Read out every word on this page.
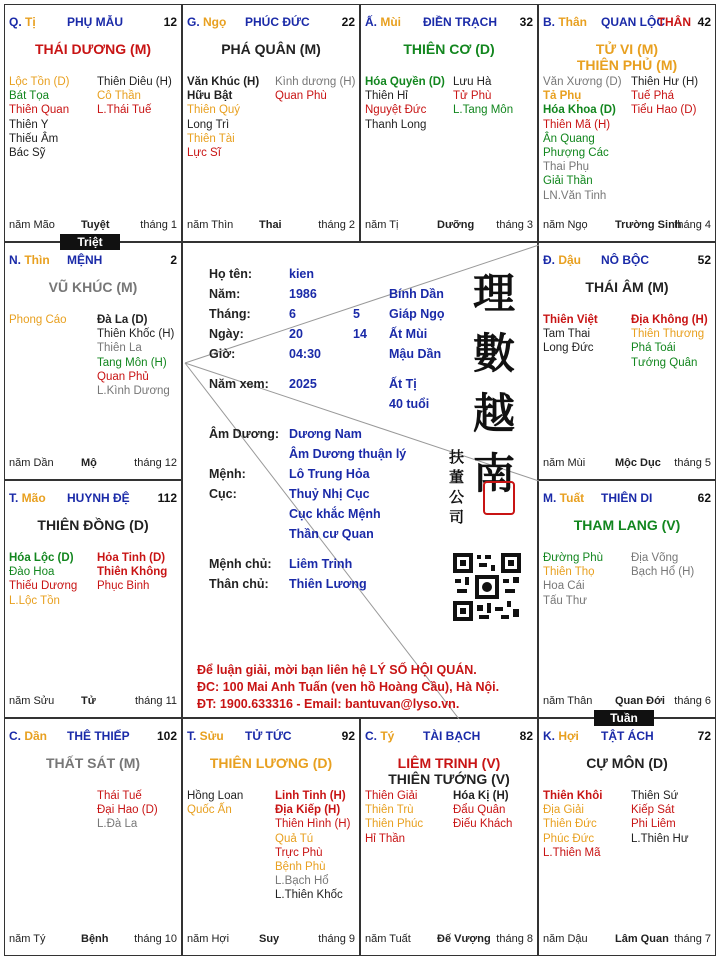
Q. Tị	PHỤ MẪU	12
THÁI DƯƠNG (M)
Lộc Tồn (D)
Bát Tọa
Thiên Quan
Thiên Y
Thiếu Âm
Bác Sỹ
Thiên Diêu (H)
Cô Thần
L.Thái Tuế
năm Mão Tuyệt	tháng 1
G. Ngọ PHÚC ĐỨC	22
PHÁ QUÂN (M)
Văn Khúc (H)
Hữu Bật
Thiên Quý
Long Trì
Thiên Tài
Lực Sĩ
Kình dương (H)
Quan Phù
năm Thìn Thai	tháng 2
Ấ. Mùi ĐIỀN TRẠCH 32
THIÊN CƠ (D)
Hóa Quyền (D)
Thiên Hỉ
Nguyệt Đức
Thanh Long
Lưu Hà
Tử Phù
L.Tang Môn
năm Tị	Dưỡng tháng 3
B. Thân QUAN LỘC
THÂN 42
TỬ VI (M)
THIÊN PHỦ (M)
Văn Xương (D)
Tả Phụ
Hóa Khoa (D)
Thiên Mã (H)
Ân Quang
Phượng Các
Thai Phụ
Giải Thần
LN.Văn Tinh
Thiên Hư (H)
Tuế Phá
Tiểu Hao (D)
năm Ngọ Trường Sinh
tháng 4
N. Thìn MỆNH	2
VŨ KHÚC (M)
Phong Cáo	Đà La (D)
Thiên Khốc (H)
Thiên La
Tang Môn (H)
Quan Phủ
L.Kình Dương
năm Dần Mộ	tháng 12
Đ. Dậu NÔ BỘC	52
THÁI ÂM (M)
Thiên Việt
Tam Thai
Long Đức
Địa Không (H)
Thiên Thương
Phá Toái
Tướng Quân
năm Mùi	Mộc Dục tháng 5
T. Mão HUYNH ĐỆ 112
THIÊN ĐỒNG (D)
Hóa Lộc (D)
Đào Hoa
Thiếu Dương
L.Lộc Tồn
Hỏa Tinh (D)
Thiên Không
Phục Binh
năm Sửu Tử	tháng 11
M. Tuất THIÊN DI	62
THAM LANG (V)
Đường Phù
Thiên Thọ
Hoa Cái
Tấu Thư
Địa Võng
Bạch Hổ (H)
năm Thân Quan Đới tháng 6
C. Dần THÊ THIẾP 102
THẤT SÁT (M)
Thái Tuế
Đại Hao (D)
L.Đà La
năm Tý	Bệnh tháng 10
T. Sửu TỬ TỨC	92
THIÊN LƯƠNG (D)
Hồng Loan
Quốc Ấn
Linh Tinh (H)
Địa Kiếp (H)
Thiên Hình (H)
Quả Tú
Trực Phù
Bệnh Phù
L.Bạch Hổ
L.Thiên Khốc
năm Hợi	Suy	tháng 9
C. Tý TÀI BẠCH	82
LIÊM TRINH (V)
THIÊN TƯỚNG (V)
Thiên Giải
Thiên Trù
Thiên Phúc
Hỉ Thần
Hóa Kị (H)
Đẩu Quân
Điếu Khách
năm Tuất Đế Vượng tháng 8
K. Hợi TẬT ÁCH	72
CỰ MÔN (D)
Thiên Khôi
Địa Giải
Thiên Đức
Phúc Đức
L.Thiên Mã
Thiên Sứ
Kiếp Sát
Phi Liêm
L.Thiên Hư
năm Dậu Lâm Quan tháng 7
Họ tên:	kien
Năm:	1986	Bính Dần
Tháng:	6	5 Giáp Ngọ
Ngày:	20	14 Ất Mùi
Giờ:	04:30	Mậu Dần
Năm xem: 2025	Ất Tị
40 tuổi
Âm Dương: Dương Nam
Âm Dương thuận lý
Mệnh:	Lô Trung Hỏa
Cục:	Thuỷ Nhị Cục
Cục khắc Mệnh
Thần cư Quan
Mệnh chủ: Liêm Trinh
Thân chủ: Thiên Lương
理
數
越
南
扶
董
公
司
Để luận giải, mời bạn liên hệ LÝ SỐ HỘI QUÁN.
ĐC: 100 Mai Anh Tuấn (ven hồ Hoàng Cầu), Hà Nội.
ĐT: 1900.633316 - Email: bantuvan@lyso.vn.
Triệt
Tuần
